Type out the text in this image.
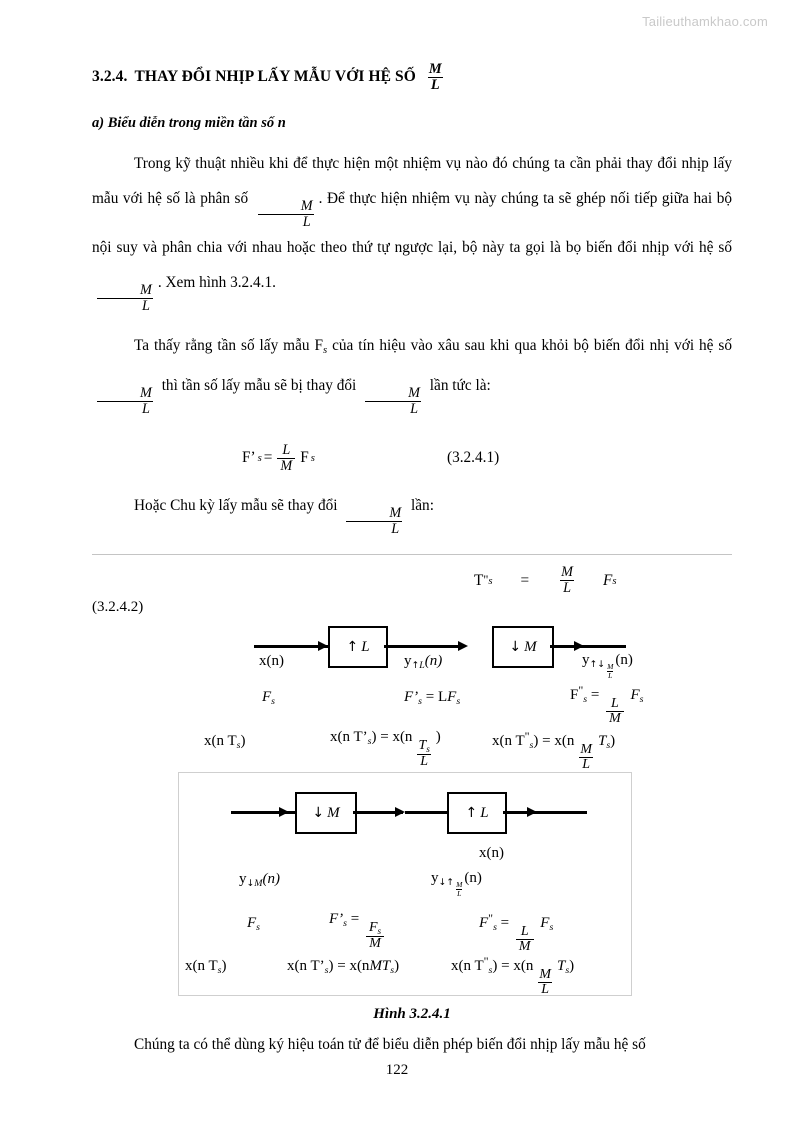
Tailieuthamkhao.com
3.2.4. THAY ĐỔI NHỊP LẤY MẪU VỚI HỆ SỐ $\frac{M}{L}$
a) Biểu diễn trong miền tần số n

Trong kỹ thuật nhiều khi để thực hiện một nhiệm vụ nào đó chúng ta cần phải thay đổi nhịp lấy mẫu với hệ số là phân số
$\frac{M}{L}$
. Để thực hiện nhiệm vụ này chúng ta sẽ ghép nối tiếp giữa hai bộ nội suy và phân chia với nhau hoặc theo thứ tự ngược lại, bộ này ta gọi là bọ biến đổi nhịp với hệ số
$\frac{M}{L}$
. Xem hình 3.2.4.1.

Ta thấy rằng tần số lấy mẫu $F_s$ của tín hiệu vào xâu sau khi qua khỏi bộ biến đổi nhị với hệ số
$\frac{M}{L}$
thì tần số lấy mẫu sẽ bị thay đổi
$\frac{M}{L}$
lần tức là:

F’ $s = \frac{L}{M}$ F s	(3.2.4.1)

Hoặc Chu kỳ lấy mẫu sẽ thay đổi
$\frac{M}{L}$
lần:

T " $s = \frac{M}{L}$ F s
(3.2.4.2)
↑ L	↓ M
x(n)	y↑L(n)	y↑↓ $\frac{M}{L}$
(n)
$F_s$	$F’_s = LF_s$	$F^"_s$ =
$\frac{L}{M}$
$F_s$
x(n $T_s$)	x(n $T’_s) = x(n$
$\frac{T_s}{L}$
)	x(n $T^"_s) = x(n$
$\frac{M}{L}$
$T_s$)
↓ M	↑ L
x(n)
y↓M(n)	y↓↑ $\frac{M}{L}$
(n)
$F_s$
$F’_s$ =
$\frac{F_s}{M}$	$F^"_s$ =
$\frac{L}{M}$
$F_s$
x(n $T_s$)	x(n $T’_s) = x(nMT_s)$	x(n $T^"_s) = x(n$
$\frac{M}{L}$
$T_s$)
Hình 3.2.4.1

Chúng ta có thể dùng ký hiệu toán tử để biểu diễn phép biến đổi nhịp lấy mẫu hệ số

122
